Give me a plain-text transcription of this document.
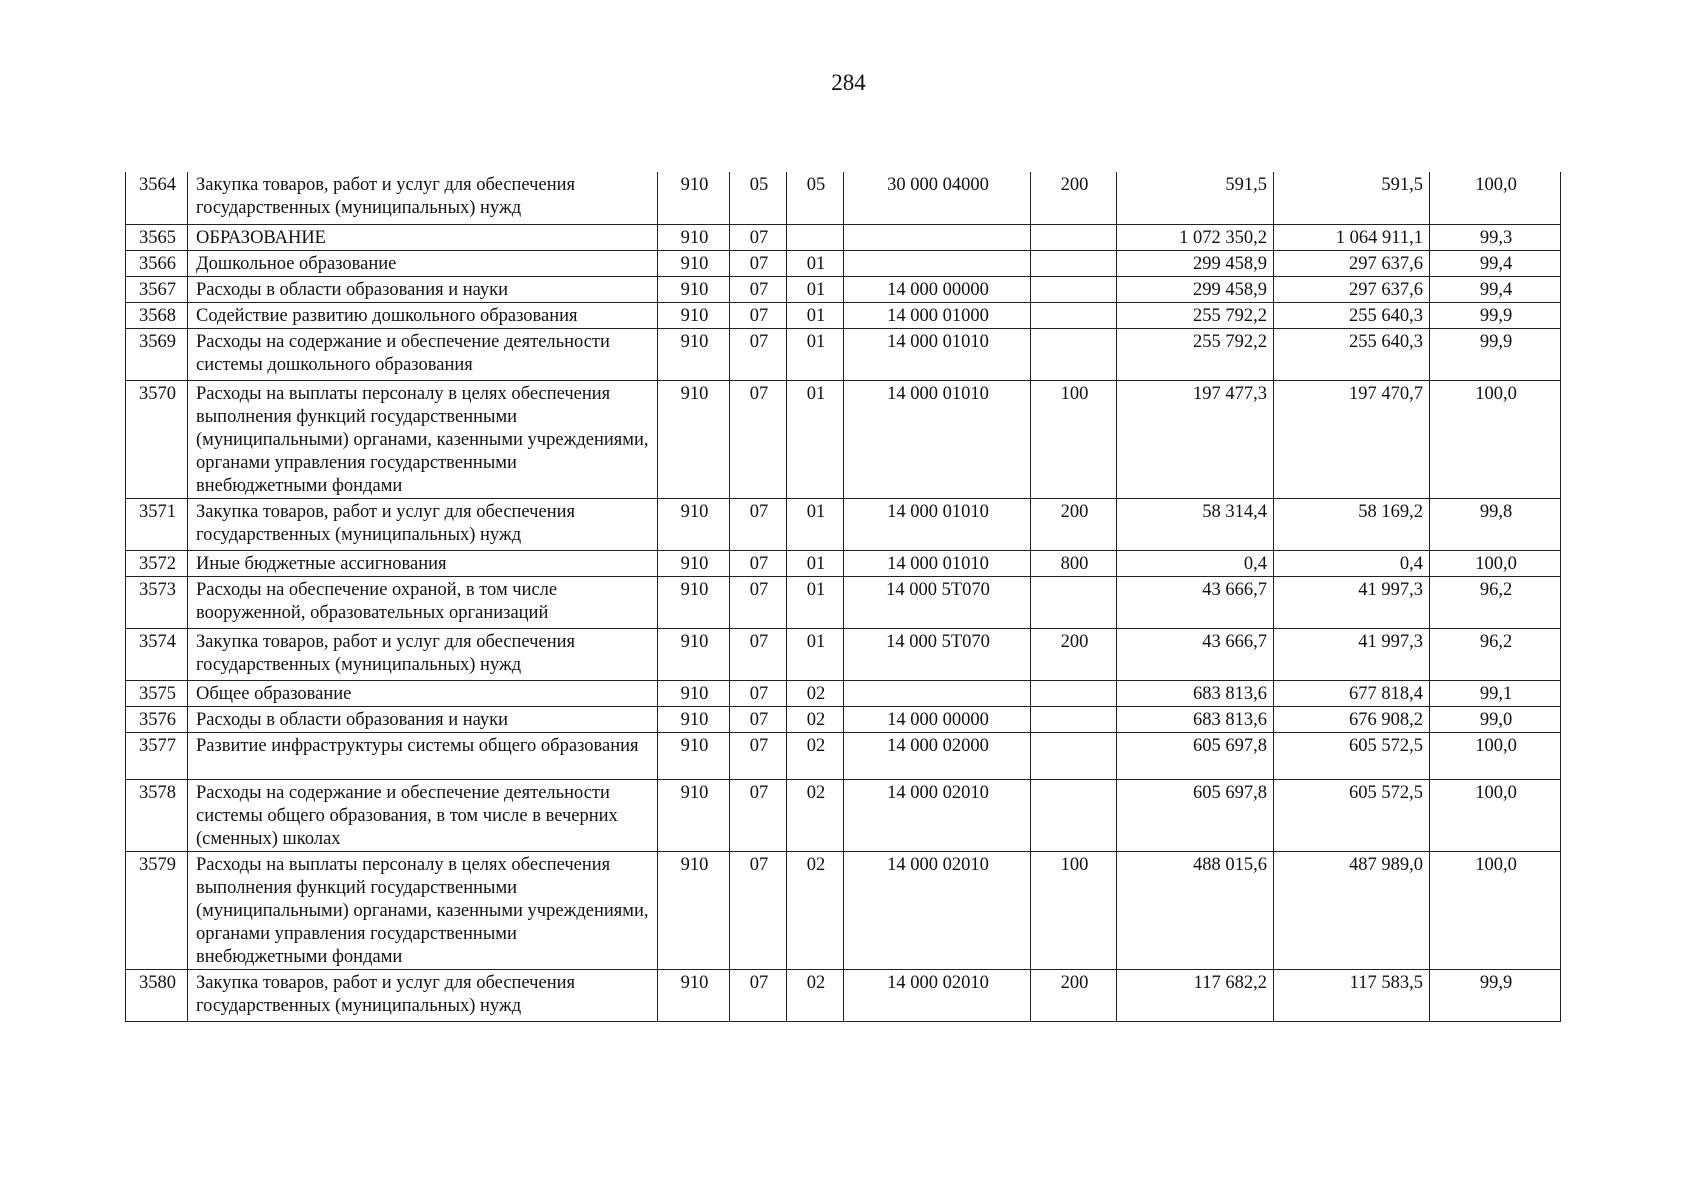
284
3564	Закупка товаров, работ и услуг для обеспечения государственных (муниципальных) нужд	910	05	05	30 000 04000	200	591,5	591,5	100,0
3565	ОБРАЗОВАНИЕ	910	07				1 072 350,2	1 064 911,1	99,3
3566	Дошкольное образование	910	07	01			299 458,9	297 637,6	99,4
3567	Расходы в области образования и науки	910	07	01	14 000 00000		299 458,9	297 637,6	99,4
3568	Содействие развитию дошкольного образования	910	07	01	14 000 01000		255 792,2	255 640,3	99,9
3569	Расходы на содержание и обеспечение деятельности системы дошкольного образования	910	07	01	14 000 01010		255 792,2	255 640,3	99,9
3570	Расходы на выплаты персоналу в целях обеспечения выполнения функций государственными (муниципальными) органами, казенными учреждениями, органами управления государственными внебюджетными фондами	910	07	01	14 000 01010	100	197 477,3	197 470,7	100,0
3571	Закупка товаров, работ и услуг для обеспечения государственных (муниципальных) нужд	910	07	01	14 000 01010	200	58 314,4	58 169,2	99,8
3572	Иные бюджетные ассигнования	910	07	01	14 000 01010	800	0,4	0,4	100,0
3573	Расходы на обеспечение охраной, в том числе вооруженной, образовательных организаций	910	07	01	14 000 5Т070		43 666,7	41 997,3	96,2
3574	Закупка товаров, работ и услуг для обеспечения государственных (муниципальных) нужд	910	07	01	14 000 5Т070	200	43 666,7	41 997,3	96,2
3575	Общее образование	910	07	02			683 813,6	677 818,4	99,1
3576	Расходы в области образования и науки	910	07	02	14 000 00000		683 813,6	676 908,2	99,0
3577	Развитие инфраструктуры системы общего образования	910	07	02	14 000 02000		605 697,8	605 572,5	100,0
3578	Расходы на содержание и обеспечение деятельности системы общего образования, в том числе в вечерних (сменных) школах	910	07	02	14 000 02010		605 697,8	605 572,5	100,0
3579	Расходы на выплаты персоналу в целях обеспечения выполнения функций государственными (муниципальными) органами, казенными учреждениями, органами управления государственными внебюджетными фондами	910	07	02	14 000 02010	100	488 015,6	487 989,0	100,0
3580	Закупка товаров, работ и услуг для обеспечения государственных (муниципальных) нужд	910	07	02	14 000 02010	200	117 682,2	117 583,5	99,9
